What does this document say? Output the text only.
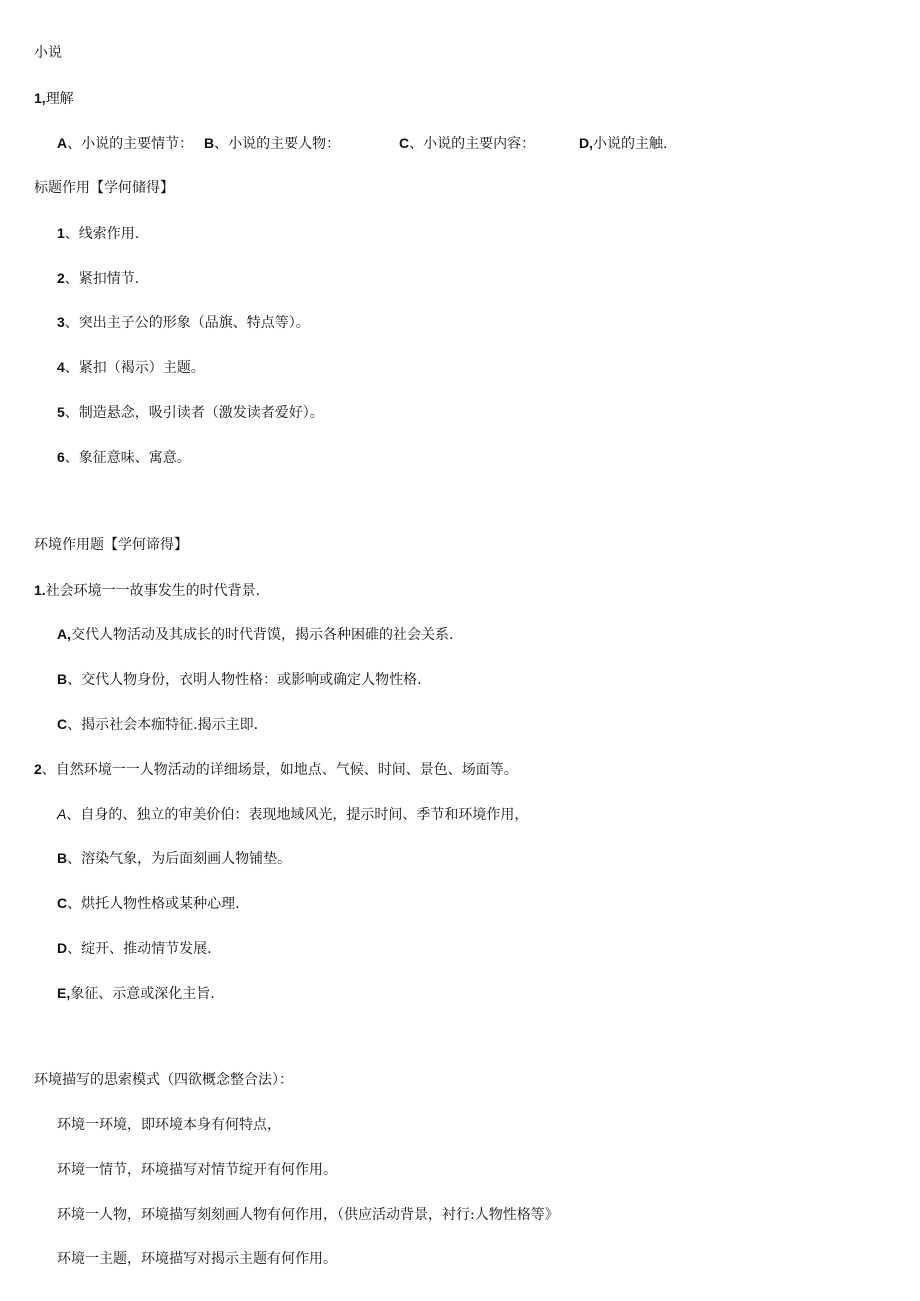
小说
1,理解
A、小说的主要情节： B、小说的主要人物：	C、小说的主要内容：	D,小说的主触.
标题作用【学何储得】
1、线索作用.
2、紧扣情节.
3、突出主子公的形象（品旗、特点等）。
4、紧扣（褐示）主题。
5、制造悬念，吸引读者（激发读者爱好）。
6、象征意味、寓意。
环境作用题【学何谛得】
1.社会环境一一故事发生的时代背景.
A,交代人物活动及其成长的时代背馍，揭示各种困碓的社会关系.
B、交代人物身份，衣明人物性格：或影响或确定人物性格.
C、揭示社会本痂特征.揭示主即.
2、自然环境一一人物活动的详细场景，如地点、气候、时间、景色、场面等。
A、自身的、独立的审美价伯：表现地域风光，提示时间、季节和环境作用，
B、溶染气象，为后面刻画人物铺垫。
C、烘托人物性格或某种心理.
D、绽开、推动情节发展.
E,象征、示意或深化主旨.
环境描写的思索模式（四欲概念整合法）：
环境一环境，即环境本身有何特点，
环境一情节，环境描写对情节绽开有何作用。
环境一人物，环境描写刻刻画人物有何作用，（供应活动背景，衬行:人物性格等》
环境一主题，环境描写对揭示主题有何作用。
